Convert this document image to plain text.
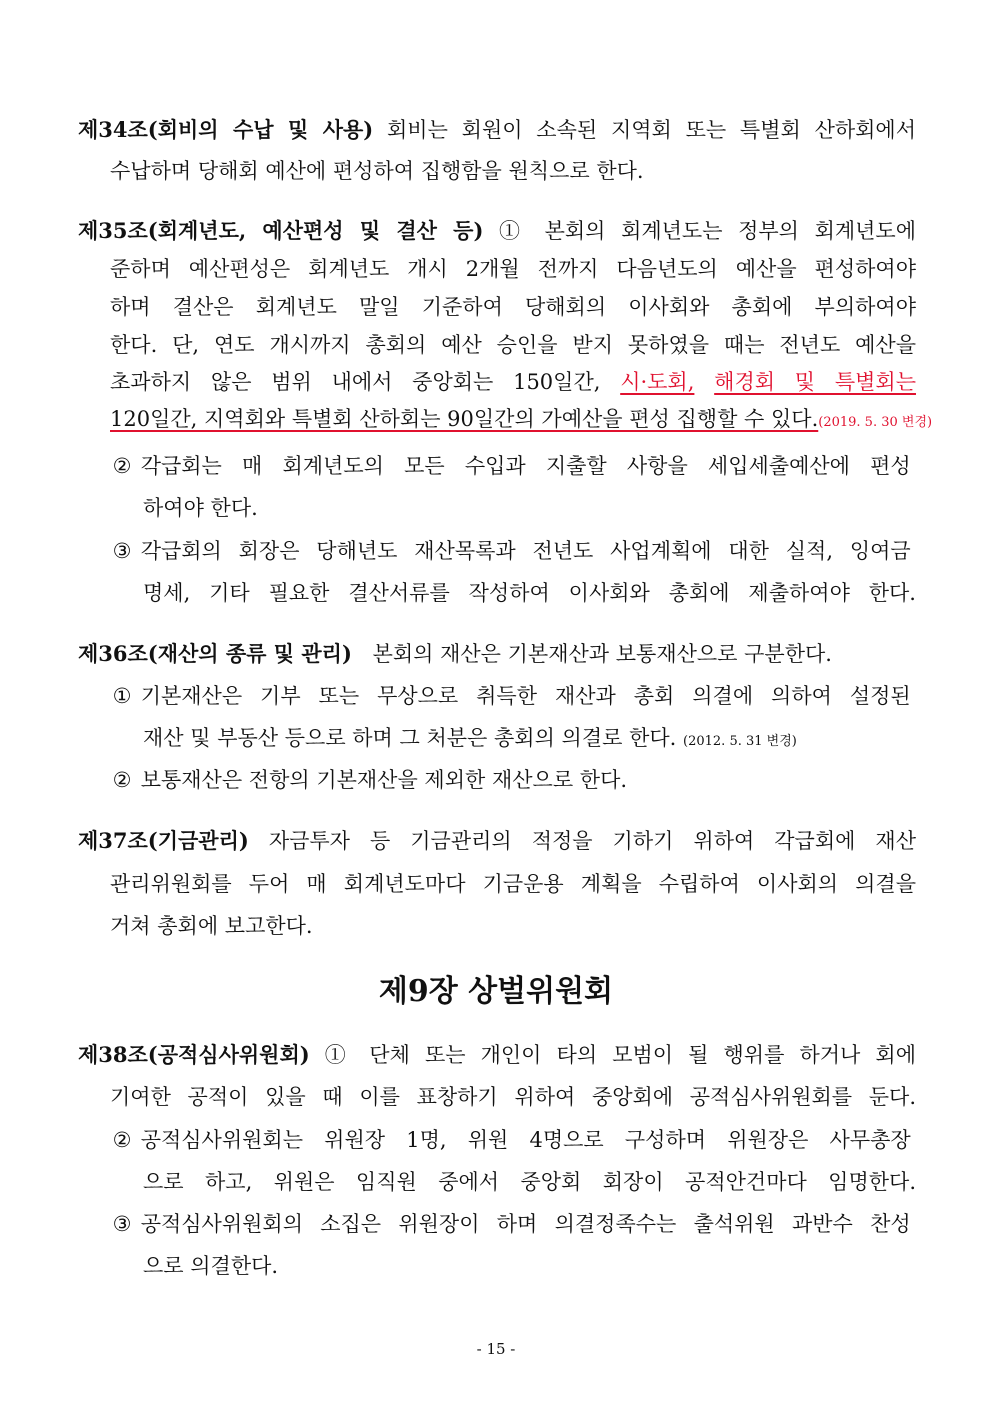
제34조(회비의 수납 및 사용) 회비는 회원이 소속된 지역회 또는 특별회 산하회에서
수납하며 당해회 예산에 편성하여 집행함을 원칙으로 한다.
제35조(회계년도, 예산편성 및 결산 등) ① 본회의 회계년도는 정부의 회계년도에
준하며 예산편성은 회계년도 개시 2개월 전까지 다음년도의 예산을 편성하여야
하며 결산은 회계년도 말일 기준하여 당해회의 이사회와 총회에 부의하여야
한다. 단, 연도 개시까지 총회의 예산 승인을 받지 못하였을 때는 전년도 예산을
초과하지 않은 범위 내에서 중앙회는 150일간, 시·도회, 해경회 및 특별회는
120일간, 지역회와 특별회 산하회는 90일간의 가예산을 편성 집행할 수 있다.(2019. 5. 30 변경)
② 각급회는 매 회계년도의 모든 수입과 지출할 사항을 세입세출예산에 편성
하여야 한다.
③ 각급회의 회장은 당해년도 재산목록과 전년도 사업계획에 대한 실적, 잉여금
명세, 기타 필요한 결산서류를 작성하여 이사회와 총회에 제출하여야 한다.
제36조(재산의 종류 및 관리) 본회의 재산은 기본재산과 보통재산으로 구분한다.
① 기본재산은 기부 또는 무상으로 취득한 재산과 총회 의결에 의하여 설정된
재산 및 부동산 등으로 하며 그 처분은 총회의 의결로 한다. (2012. 5. 31 변경)
② 보통재산은 전항의 기본재산을 제외한 재산으로 한다.
제37조(기금관리) 자금투자 등 기금관리의 적정을 기하기 위하여 각급회에 재산
관리위원회를 두어 매 회계년도마다 기금운용 계획을 수립하여 이사회의 의결을
거쳐 총회에 보고한다.
제9장 상벌위원회
제38조(공적심사위원회) ① 단체 또는 개인이 타의 모범이 될 행위를 하거나 회에
기여한 공적이 있을 때 이를 표창하기 위하여 중앙회에 공적심사위원회를 둔다.
② 공적심사위원회는 위원장 1명, 위원 4명으로 구성하며 위원장은 사무총장
으로 하고, 위원은 임직원 중에서 중앙회 회장이 공적안건마다 임명한다.
③ 공적심사위원회의 소집은 위원장이 하며 의결정족수는 출석위원 과반수 찬성
으로 의결한다.
- 15 -
